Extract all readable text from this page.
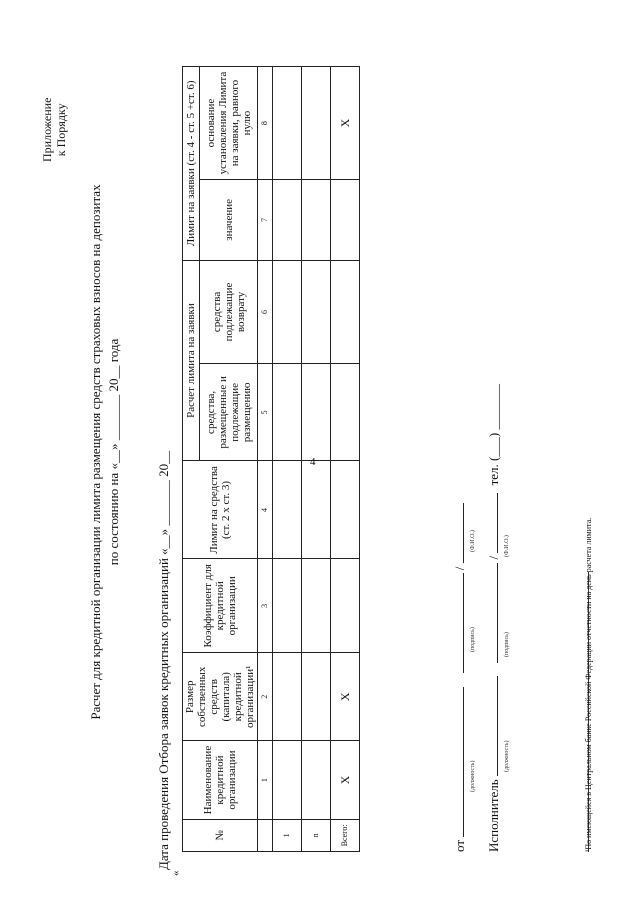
4
Приложение к Порядку
Расчет для кредитной организации лимита размещения средств страховых взносов на депозитах по состоянию на «__» _______ 20__ года	Дата проведения Отбора заявок кредитных организаций «__» _______ 20__
«
№	Наименование кредитной организации	Размер собственных средств (капитала) кредитной организации¹	Коэффициент для кредитной организации	Лимит на средства (ст. 2 х ст. 3)	Расчет лимита на заявки		Лимит на заявки (ст. 4 - ст. 5 +ст. 6)	
					средства, размещенные и подлежащие размещению	средства подлежащие возврату	значение	основание установления Лимита на заявки, равного нулю
	1	2	3	4	5	6	7	8
1								
n								
Всего:	X	X						X
от   /
(должность)
(подпись)
(Ф.И.О.)
Исполнитель   /  тел. (___) _______
(должность)
(подпись)
(Ф.И.О.)	¹По имеющейся в Центральном банке Российской Федерации отчетности на день расчета лимита.
